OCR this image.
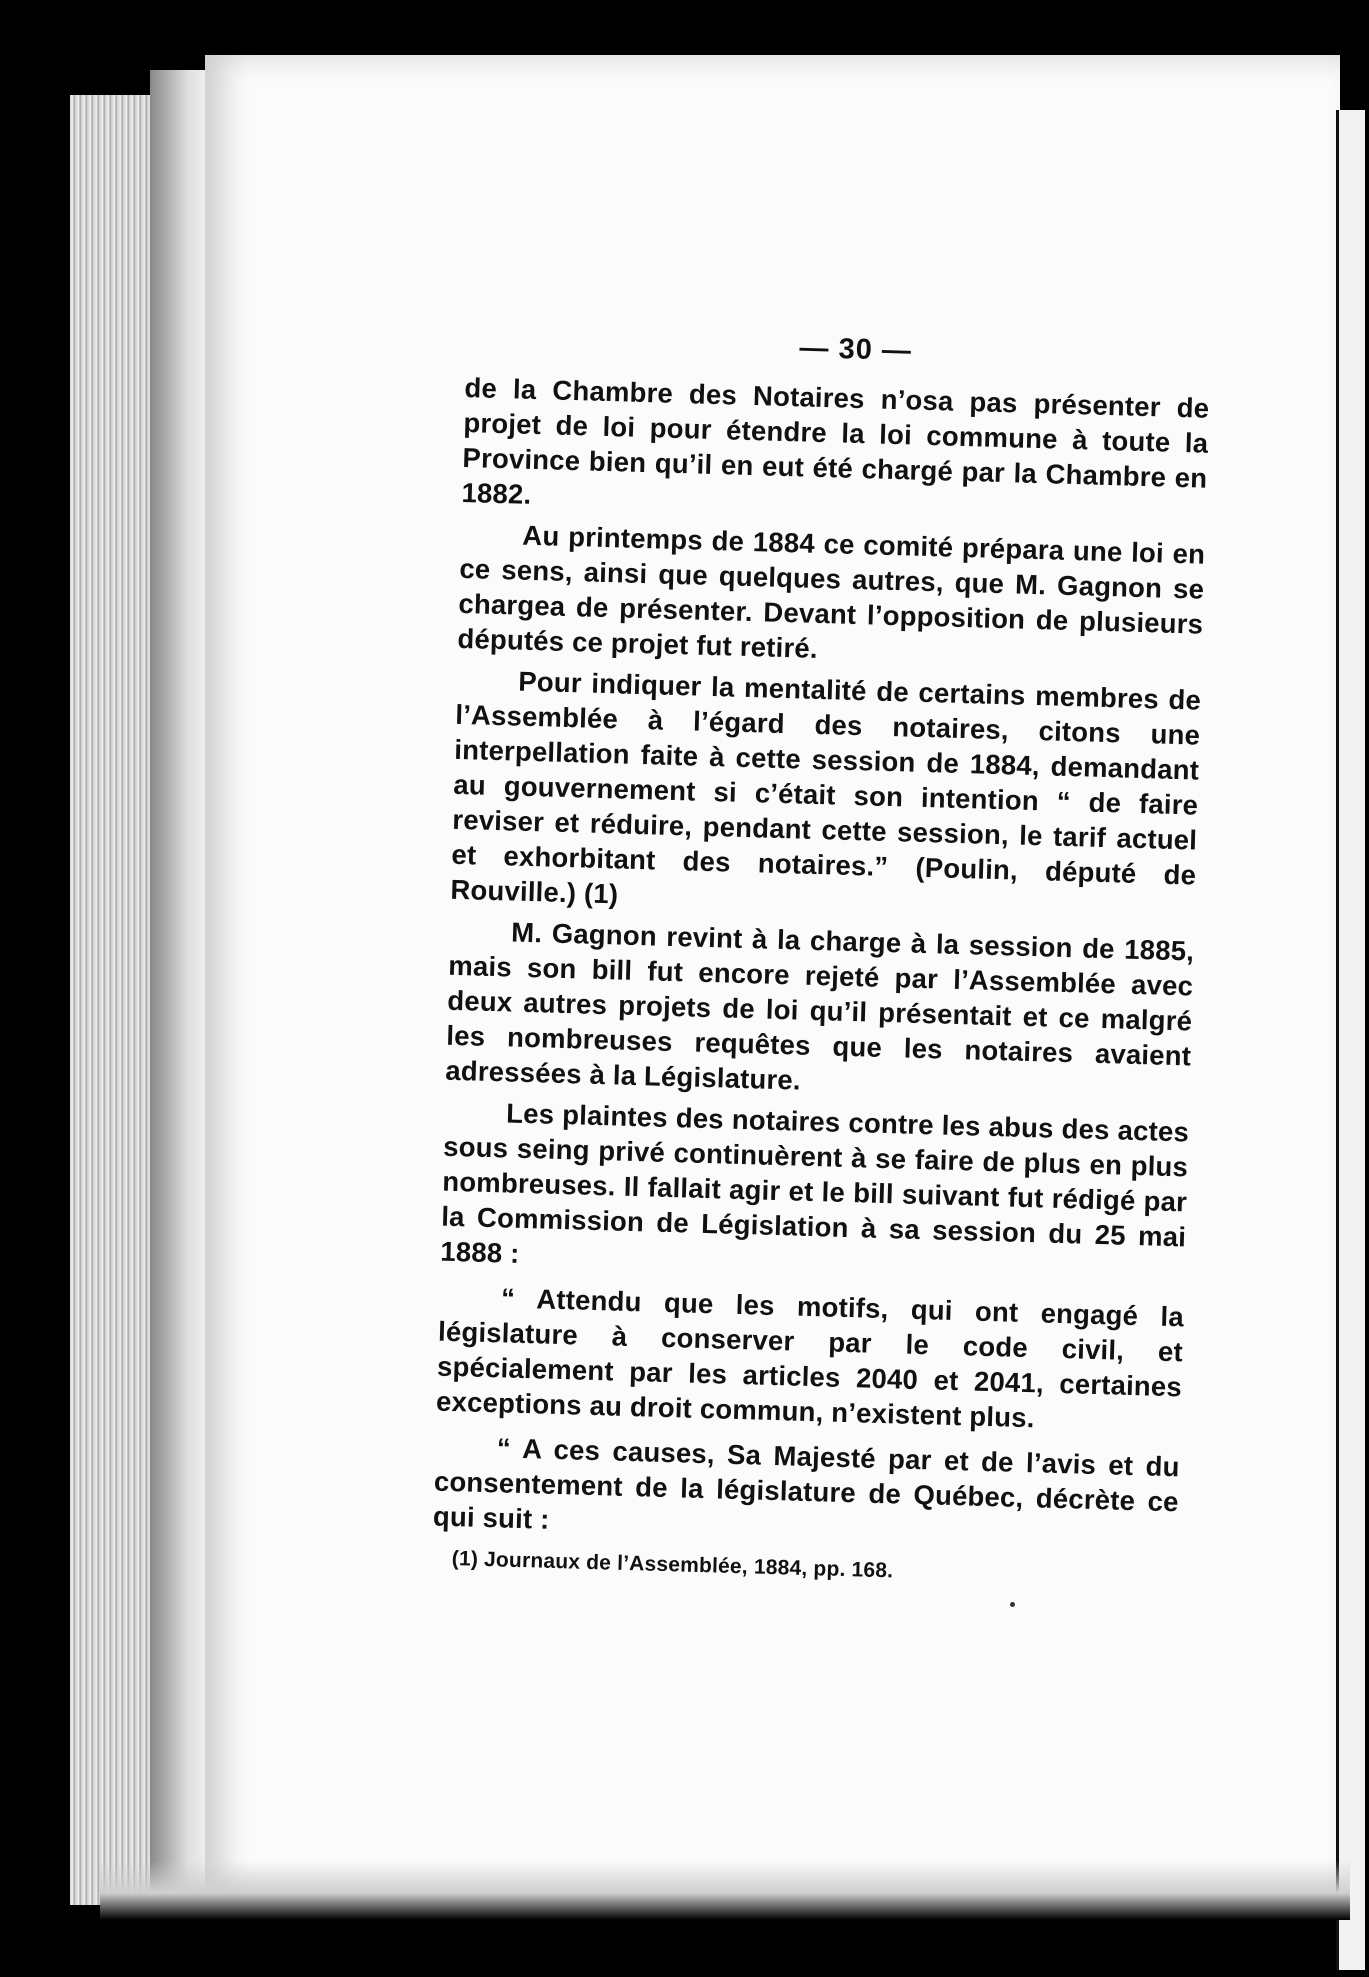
— 30 —

de la Chambre des Notaires n’osa pas présenter de projet de loi pour étendre la loi commune à toute la Province bien qu’il en eut été chargé par la Chambre en 1882.

Au printemps de 1884 ce comité prépara une loi en ce sens, ainsi que quelques autres, que M. Gagnon se chargea de présenter. Devant l’opposition de plusieurs députés ce projet fut retiré.

Pour indiquer la mentalité de certains membres de l’Assemblée à l’égard des notaires, citons une interpellation faite à cette session de 1884, demandant au gouvernement si c’était son intention “ de faire reviser et réduire, pendant cette session, le tarif actuel et exhorbitant des notaires.” (Poulin, député de Rouville.) (1)

M. Gagnon revint à la charge à la session de 1885, mais son bill fut encore rejeté par l’Assemblée avec deux autres projets de loi qu’il présentait et ce malgré les nombreuses requêtes que les notaires avaient adressées à la Législature.

Les plaintes des notaires contre les abus des actes sous seing privé continuèrent à se faire de plus en plus nombreuses. Il fallait agir et le bill suivant fut rédigé par la Commission de Législation à sa session du 25 mai 1888 :

“ Attendu que les motifs, qui ont engagé la législature à conserver par le code civil, et spécialement par les articles 2040 et 2041, certaines exceptions au droit commun, n’existent plus.

“ A ces causes, Sa Majesté par et de l’avis et du consentement de la législature de Québec, décrète ce qui suit :

(1) Journaux de l’Assemblée, 1884, pp. 168.
